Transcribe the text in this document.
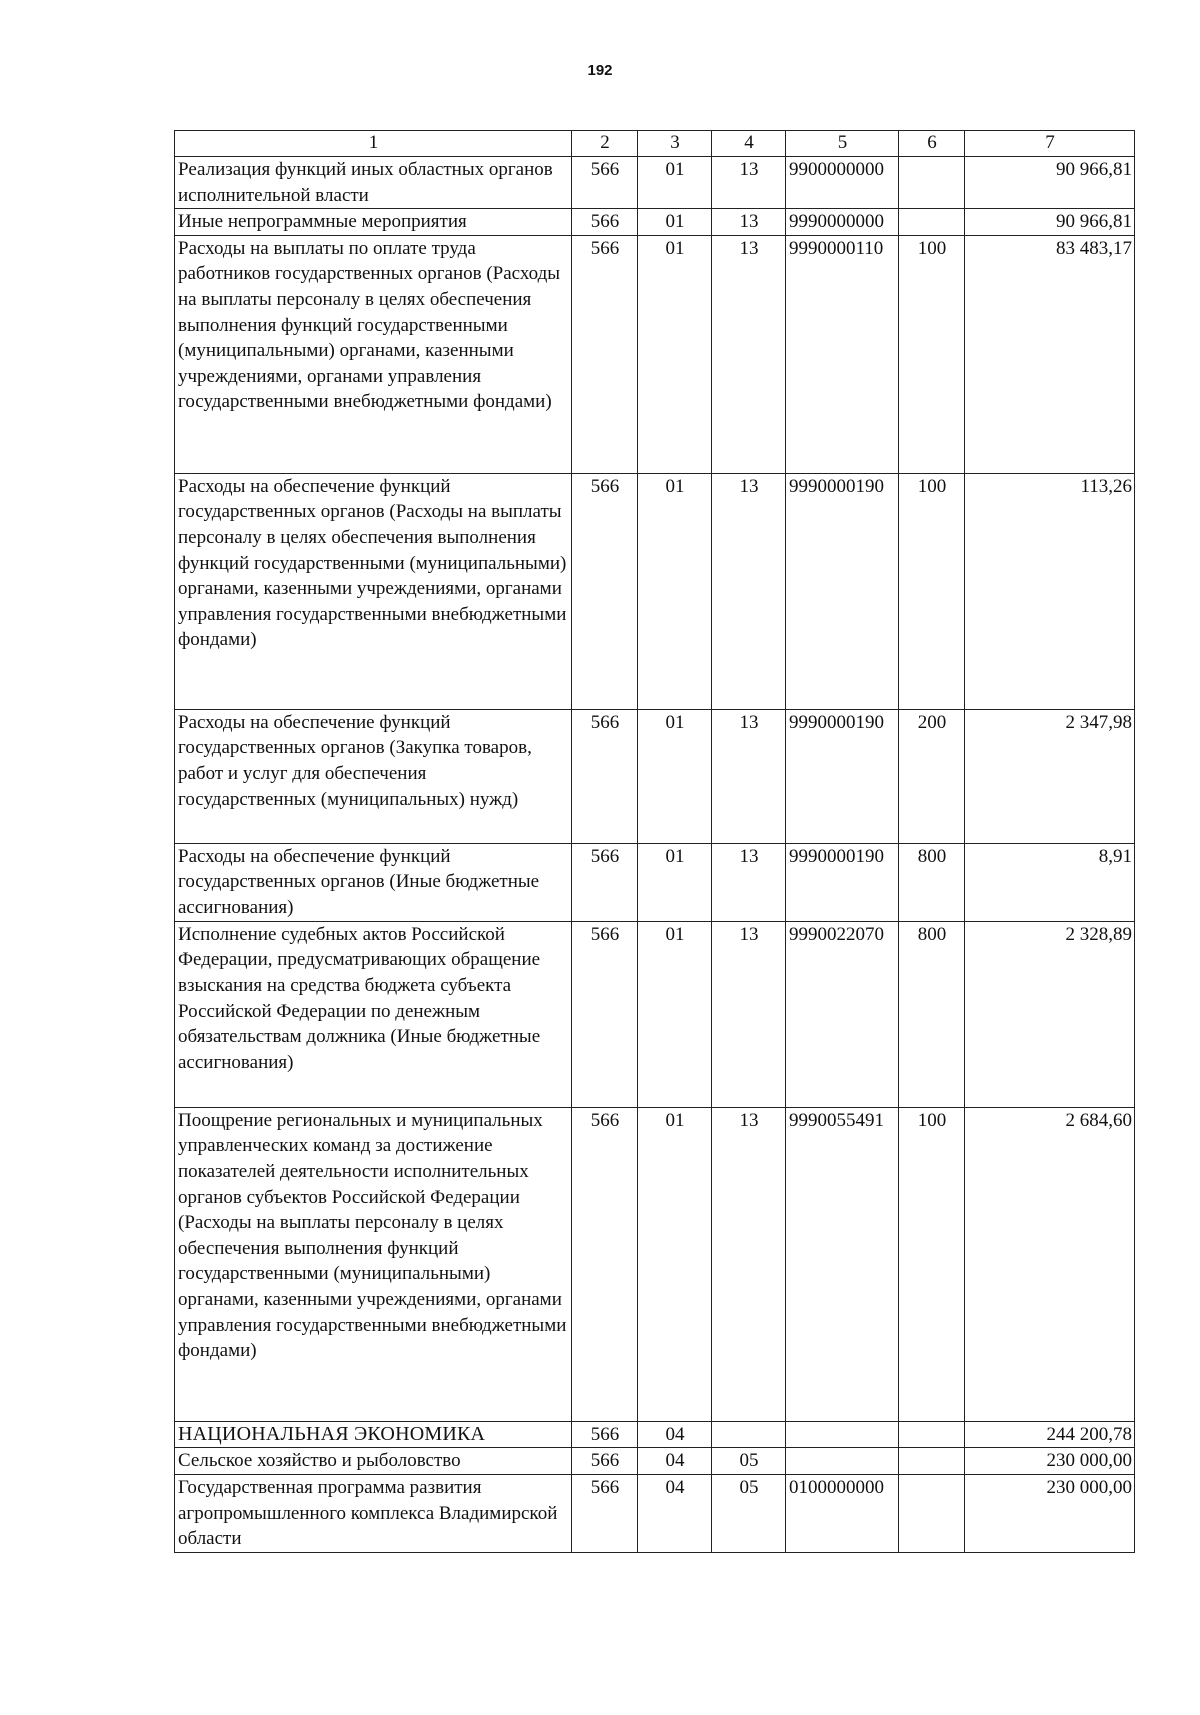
192
1	2	3	4	5	6	7
Реализация функций иных областных органов исполнительной власти	566	01	13	9900000000		90 966,81
Иные непрограммные мероприятия	566	01	13	9990000000		90 966,81
Расходы на выплаты по оплате труда работников государственных органов (Расходы на выплаты персоналу в целях обеспечения выполнения функций государственными (муниципальными) органами, казенными учреждениями, органами управления государственными внебюджетными фондами)	566	01	13	9990000110	100	83 483,17
Расходы на обеспечение функций государственных органов (Расходы на выплаты персоналу в целях обеспечения выполнения функций государственными (муниципальными) органами, казенными учреждениями, органами управления государственными внебюджетными фондами)	566	01	13	9990000190	100	113,26
Расходы на обеспечение функций государственных органов (Закупка товаров, работ и услуг для обеспечения государственных (муниципальных) нужд)	566	01	13	9990000190	200	2 347,98
Расходы на обеспечение функций государственных органов (Иные бюджетные ассигнования)	566	01	13	9990000190	800	8,91
Исполнение судебных актов Российской Федерации, предусматривающих обращение взыскания на средства бюджета субъекта Российской Федерации по денежным обязательствам должника (Иные бюджетные ассигнования)	566	01	13	9990022070	800	2 328,89
Поощрение региональных и муниципальных управленческих команд за достижение показателей деятельности исполнительных органов субъектов Российской Федерации (Расходы на выплаты персоналу в целях обеспечения выполнения функций государственными (муниципальными) органами, казенными учреждениями, органами управления государственными внебюджетными фондами)	566	01	13	9990055491	100	2 684,60
НАЦИОНАЛЬНАЯ ЭКОНОМИКА	566	04				244 200,78
Сельское хозяйство и рыболовство	566	04	05			230 000,00
Государственная программа развития агропромышленного комплекса Владимирской области	566	04	05	0100000000		230 000,00
